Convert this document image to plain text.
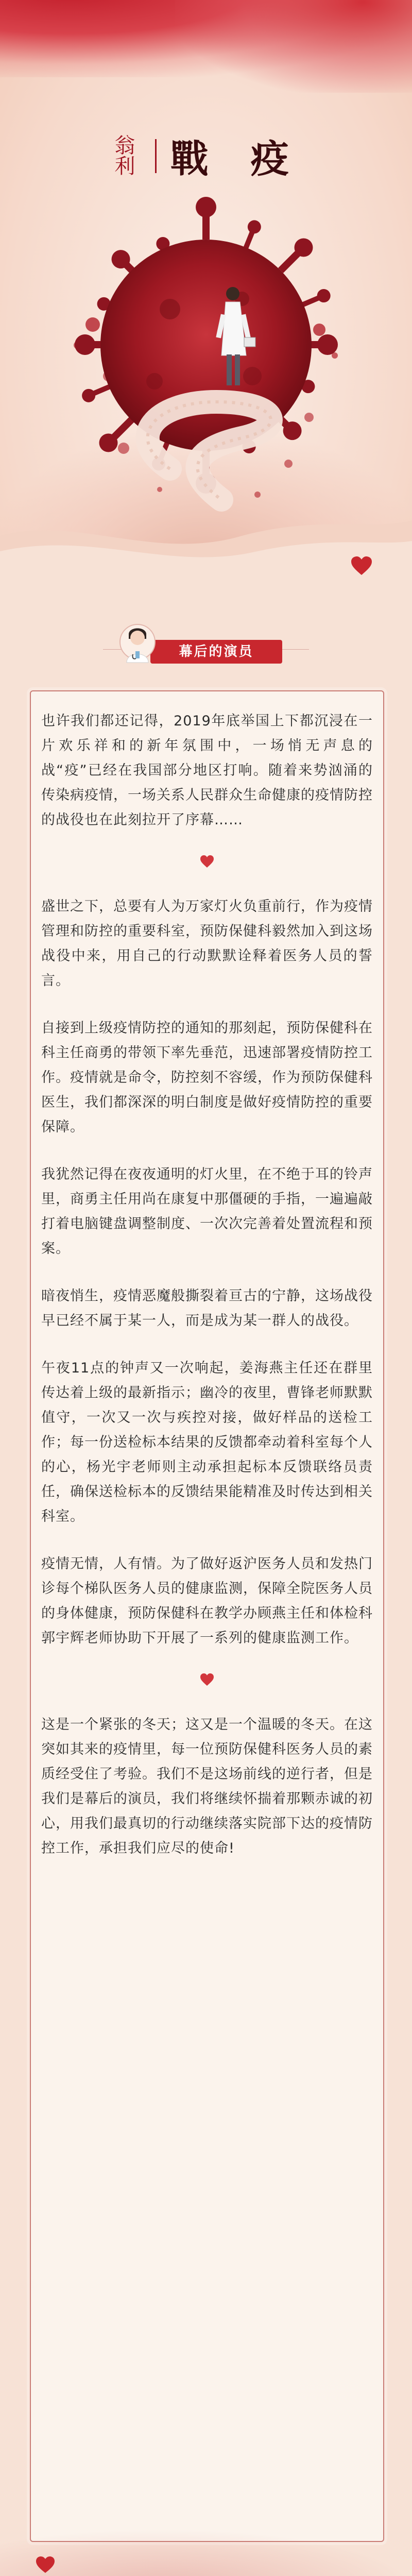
翁
利 戰 疫
幕后的演员

也许我们都还记得，2019年底举国上下都沉浸在一片欢乐祥和的新年氛围中，一场悄无声息的战“疫”已经在我国部分地区打响。随着来势汹涌的传染病疫情，一场关系人民群众生命健康的疫情防控的战役也在此刻拉开了序幕……

盛世之下，总要有人为万家灯火负重前行，作为疫情管理和防控的重要科室，预防保健科毅然加入到这场战役中来，用自己的行动默默诠释着医务人员的誓言。

自接到上级疫情防控的通知的那刻起，预防保健科在科主任商勇的带领下率先垂范，迅速部署疫情防控工作。疫情就是命令，防控刻不容缓，作为预防保健科医生，我们都深深的明白制度是做好疫情防控的重要保障。

我犹然记得在夜夜通明的灯火里，在不绝于耳的铃声里，商勇主任用尚在康复中那僵硬的手指，一遍遍敲打着电脑键盘调整制度、一次次完善着处置流程和预案。

暗夜悄生，疫情恶魔般撕裂着亘古的宁静，这场战役早已经不属于某一人，而是成为某一群人的战役。

午夜11点的钟声又一次响起，姜海燕主任还在群里传达着上级的最新指示；幽冷的夜里，曹锋老师默默值守，一次又一次与疾控对接，做好样品的送检工作；每一份送检标本结果的反馈都牵动着科室每个人的心，杨光宇老师则主动承担起标本反馈联络员责任，确保送检标本的反馈结果能精准及时传达到相关科室。

疫情无情，人有情。为了做好返沪医务人员和发热门诊每个梯队医务人员的健康监测，保障全院医务人员的身体健康，预防保健科在教学办顾燕主任和体检科郭宇辉老师协助下开展了一系列的健康监测工作。

这是一个紧张的冬天；这又是一个温暖的冬天。在这突如其来的疫情里，每一位预防保健科医务人员的素质经受住了考验。我们不是这场前线的逆行者，但是我们是幕后的演员，我们将继续怀揣着那颗赤诚的初心，用我们最真切的行动继续落实院部下达的疫情防控工作，承担我们应尽的使命!
